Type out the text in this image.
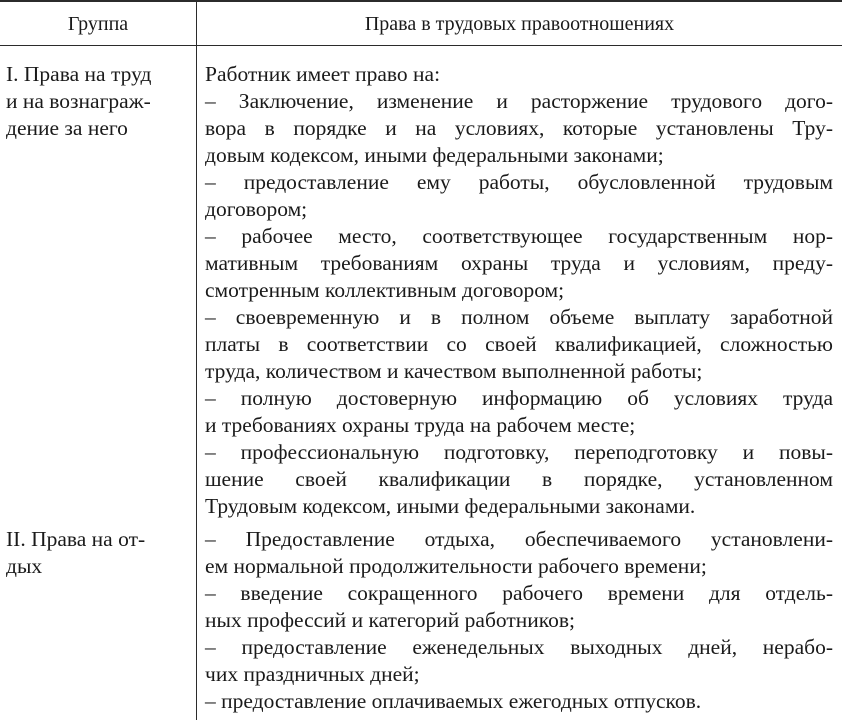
Группа	Права в трудовых правоотношениях
I. Права на труд
и на вознаграж-
дение за него
II. Права на от-
дых
Работник имеет право на:
– Заключение, изменение и расторжение трудового дого-
вора в порядке и на условиях, которые установлены Тру-
довым кодексом, иными федеральными законами;
– предоставление ему работы, обусловленной трудовым
договором;
– рабочее место, соответствующее государственным нор-
мативным требованиям охраны труда и условиям, преду-
смотренным коллективным договором;
– своевременную и в полном объеме выплату заработной
платы в соответствии со своей квалификацией, сложностью
труда, количеством и качеством выполненной работы;
– полную достоверную информацию об условиях труда
и требованиях охраны труда на рабочем месте;
– профессиональную подготовку, переподготовку и повы-
шение своей квалификации в порядке, установленном
Трудовым кодексом, иными федеральными законами.
– Предоставление отдыха, обеспечиваемого установлени-
ем нормальной продолжительности рабочего времени;
– введение сокращенного рабочего времени для отдель-
ных профессий и категорий работников;
– предоставление еженедельных выходных дней, нерабо-
чих праздничных дней;
– предоставление оплачиваемых ежегодных отпусков.
